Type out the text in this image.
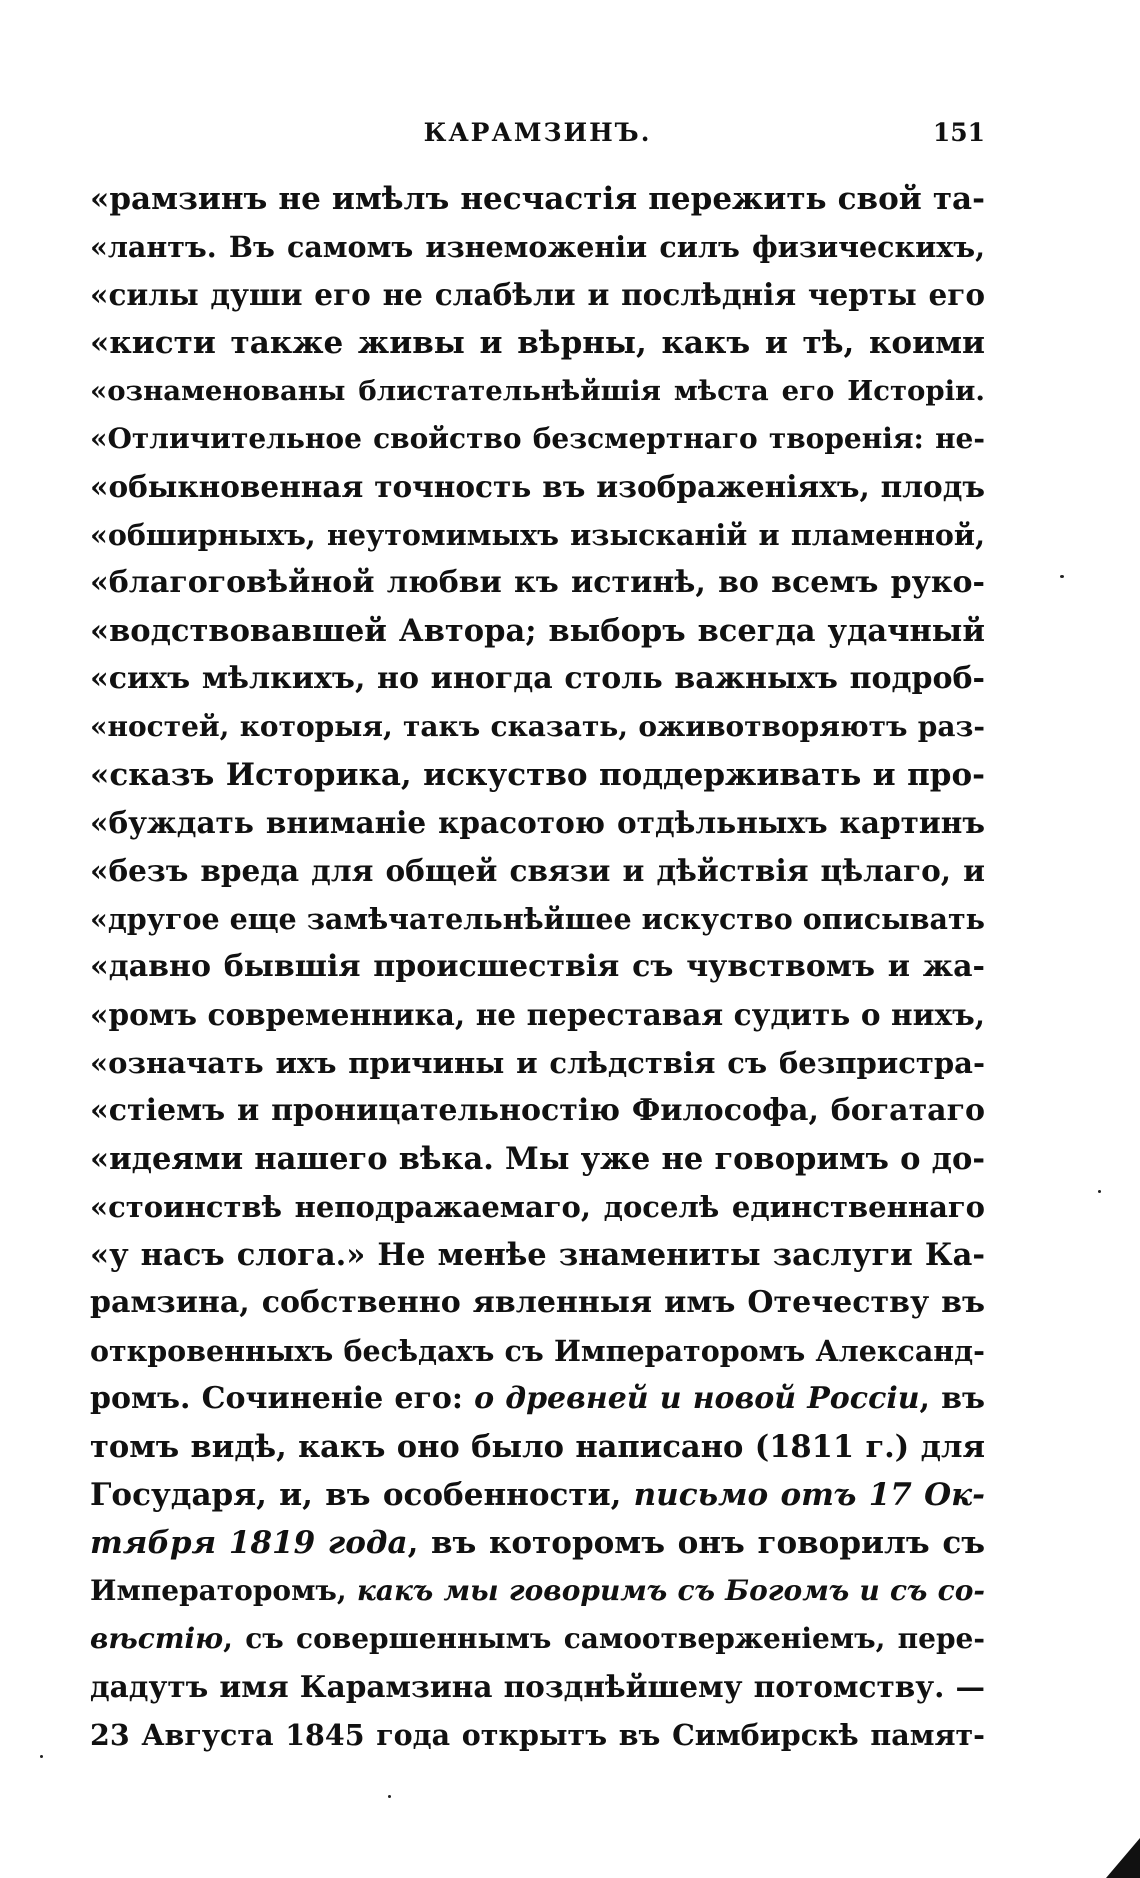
КАРАМЗИНЪ.	151
«рамзинъ не имѣлъ несчастія пережить свой та-
«лантъ. Въ самомъ изнеможеніи силъ физическихъ,
«силы души его не слабѣли и послѣднія черты его
«кисти также живы и вѣрны, какъ и тѣ, коими
«ознаменованы блистательнѣйшія мѣста его Исторіи.
«Отличительное свойство безсмертнаго творенія: не-
«обыкновенная точность въ изображеніяхъ, плодъ
«обширныхъ, неутомимыхъ изысканій и пламенной,
«благоговѣйной любви къ истинѣ, во всемъ руко-
«водствовавшей Автора; выборъ всегда удачный
«сихъ мѣлкихъ, но иногда столь важныхъ подроб-
«ностей, которыя, такъ сказать, оживотворяютъ раз-
«сказъ Историка, искуство поддерживать и про-
«буждать вниманіе красотою отдѣльныхъ картинъ
«безъ вреда для общей связи и дѣйствія цѣлаго, и
«другое еще замѣчательнѣйшее искуство описывать
«давно бывшія происшествія съ чувствомъ и жа-
«ромъ современника, не переставая судить о нихъ,
«означать ихъ причины и слѣдствія съ безпристра-
«стіемъ и проницательностію Философа, богатаго
«идеями нашего вѣка. Мы уже не говоримъ о до-
«стоинствѣ неподражаемаго, доселѣ единственнаго
«у насъ слога.» Не менѣе знамениты заслуги Ка-
рамзина, собственно явленныя имъ Отечеству въ
откровенныхъ бесѣдахъ съ Императоромъ Александ-
ромъ. Сочиненіе его: о древней и новой Россіи, въ
томъ видѣ, какъ оно было написано (1811 г.) для
Государя, и, въ особенности, письмо отъ 17 Ок-
тября 1819 года, въ которомъ онъ говорилъ съ
Императоромъ, какъ мы говоримъ съ Богомъ и съ со-
вѣстію, съ совершеннымъ самоотверженіемъ, пере-
дадутъ имя Карамзина позднѣйшему потомству. —
23 Августа 1845 года открытъ въ Симбирскѣ памят-
